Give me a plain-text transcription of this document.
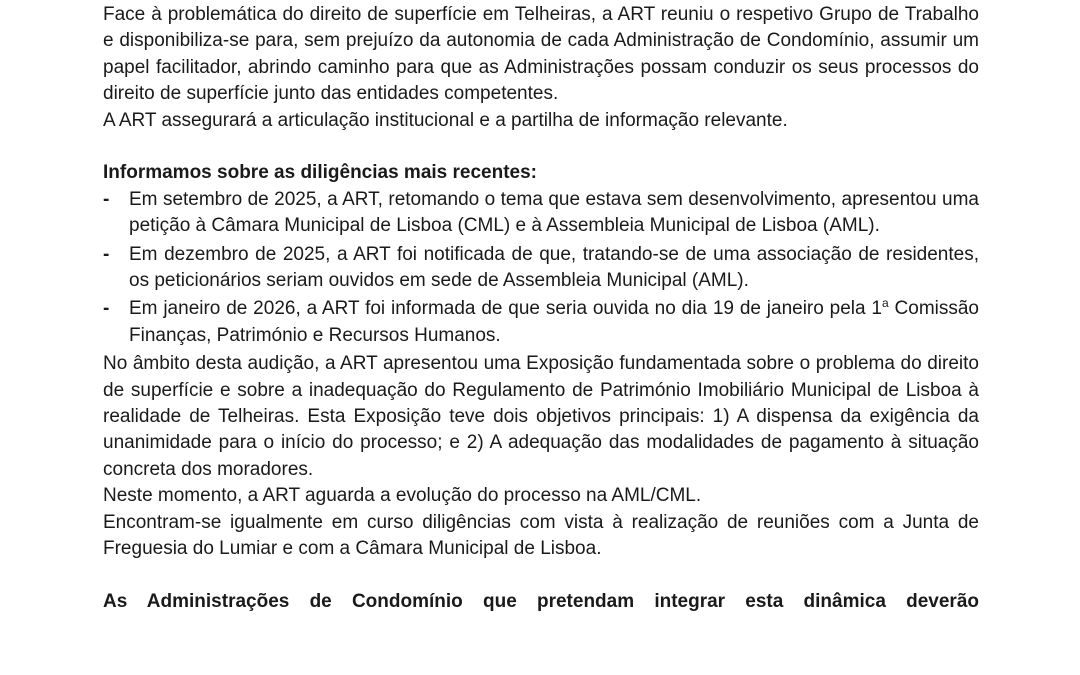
Face à problemática do direito de superfície em Telheiras, a ART reuniu o respetivo Grupo de Trabalho e disponibiliza-se para, sem prejuízo da autonomia de cada Administração de Condomínio, assumir um papel facilitador, abrindo caminho para que as Administrações possam conduzir os seus processos do direito de superfície junto das entidades competentes.

A ART assegurará a articulação institucional e a partilha de informação relevante.

Informamos sobre as diligências mais recentes:

- Em setembro de 2025, a ART, retomando o tema que estava sem desenvolvimento, apresentou uma petição à Câmara Municipal de Lisboa (CML) e à Assembleia Municipal de Lisboa (AML).
- Em dezembro de 2025, a ART foi notificada de que, tratando-se de uma associação de residentes, os peticionários seriam ouvidos em sede de Assembleia Municipal (AML).
- Em janeiro de 2026, a ART foi informada de que seria ouvida no dia 19 de janeiro pela 1$^a$ Comissão Finanças, Património e Recursos Humanos.

No âmbito desta audição, a ART apresentou uma Exposição fundamentada sobre o problema do direito de superfície e sobre a inadequação do Regulamento de Património Imobiliário Municipal de Lisboa à realidade de Telheiras. Esta Exposição teve dois objetivos principais: 1) A dispensa da exigência da unanimidade para o início do processo; e 2) A adequação das modalidades de pagamento à situação concreta dos moradores.

Neste momento, a ART aguarda a evolução do processo na AML/CML.

Encontram-se igualmente em curso diligências com vista à realização de reuniões com a Junta de Freguesia do Lumiar e com a Câmara Municipal de Lisboa.

As Administrações de Condomínio que pretendam integrar esta dinâmica deverão
